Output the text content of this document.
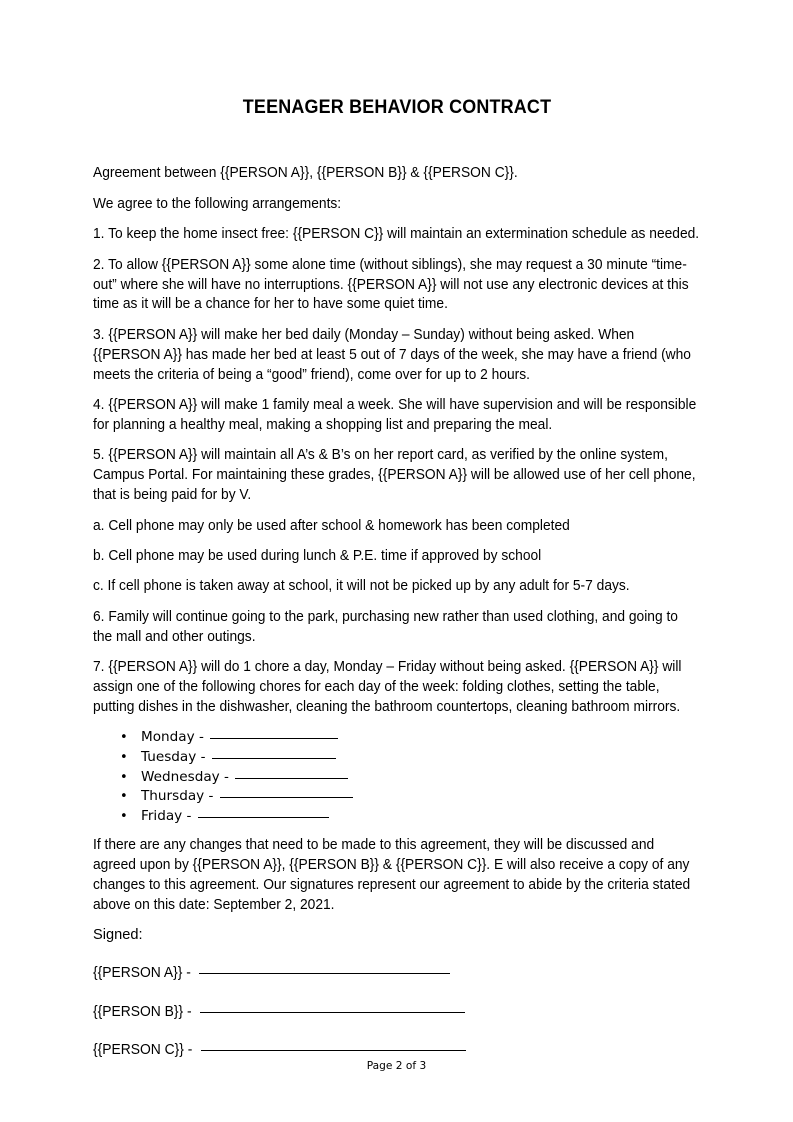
TEENAGER BEHAVIOR CONTRACT

Agreement between {{PERSON A}}, {{PERSON B}} & {{PERSON C}}.

We agree to the following arrangements:

1. To keep the home insect free: {{PERSON C}} will maintain an extermination schedule as needed.

2. To allow {{PERSON A}} some alone time (without siblings), she may request a 30 minute “time-out” where she will have no interruptions. {{PERSON A}} will not use any electronic devices at this time as it will be a chance for her to have some quiet time.

3. {{PERSON A}} will make her bed daily (Monday – Sunday) without being asked. When {{PERSON A}} has made her bed at least 5 out of 7 days of the week, she may have a friend (who meets the criteria of being a “good” friend), come over for up to 2 hours.

4. {{PERSON A}} will make 1 family meal a week. She will have supervision and will be responsible for planning a healthy meal, making a shopping list and preparing the meal.

5. {{PERSON A}} will maintain all A’s & B’s on her report card, as verified by the online system, Campus Portal. For maintaining these grades, {{PERSON A}} will be allowed use of her cell phone, that is being paid for by V.

a. Cell phone may only be used after school & homework has been completed

b. Cell phone may be used during lunch & P.E. time if approved by school

c. If cell phone is taken away at school, it will not be picked up by any adult for 5-7 days.

6. Family will continue going to the park, purchasing new rather than used clothing, and going to the mall and other outings.

7. {{PERSON A}} will do 1 chore a day, Monday – Friday without being asked. {{PERSON A}} will assign one of the following chores for each day of the week: folding clothes, setting the table, putting dishes in the dishwasher, cleaning the bathroom countertops, cleaning bathroom mirrors.

• Monday -
• Tuesday -
• Wednesday -
• Thursday -
• Friday -

If there are any changes that need to be made to this agreement, they will be discussed and agreed upon by {{PERSON A}}, {{PERSON B}} & {{PERSON C}}. E will also receive a copy of any changes to this agreement. Our signatures represent our agreement to abide by the criteria stated above on this date: September 2, 2021.

Signed:

{{PERSON A}} -
{{PERSON B}} -
{{PERSON C}} -
Page 2 of 3
